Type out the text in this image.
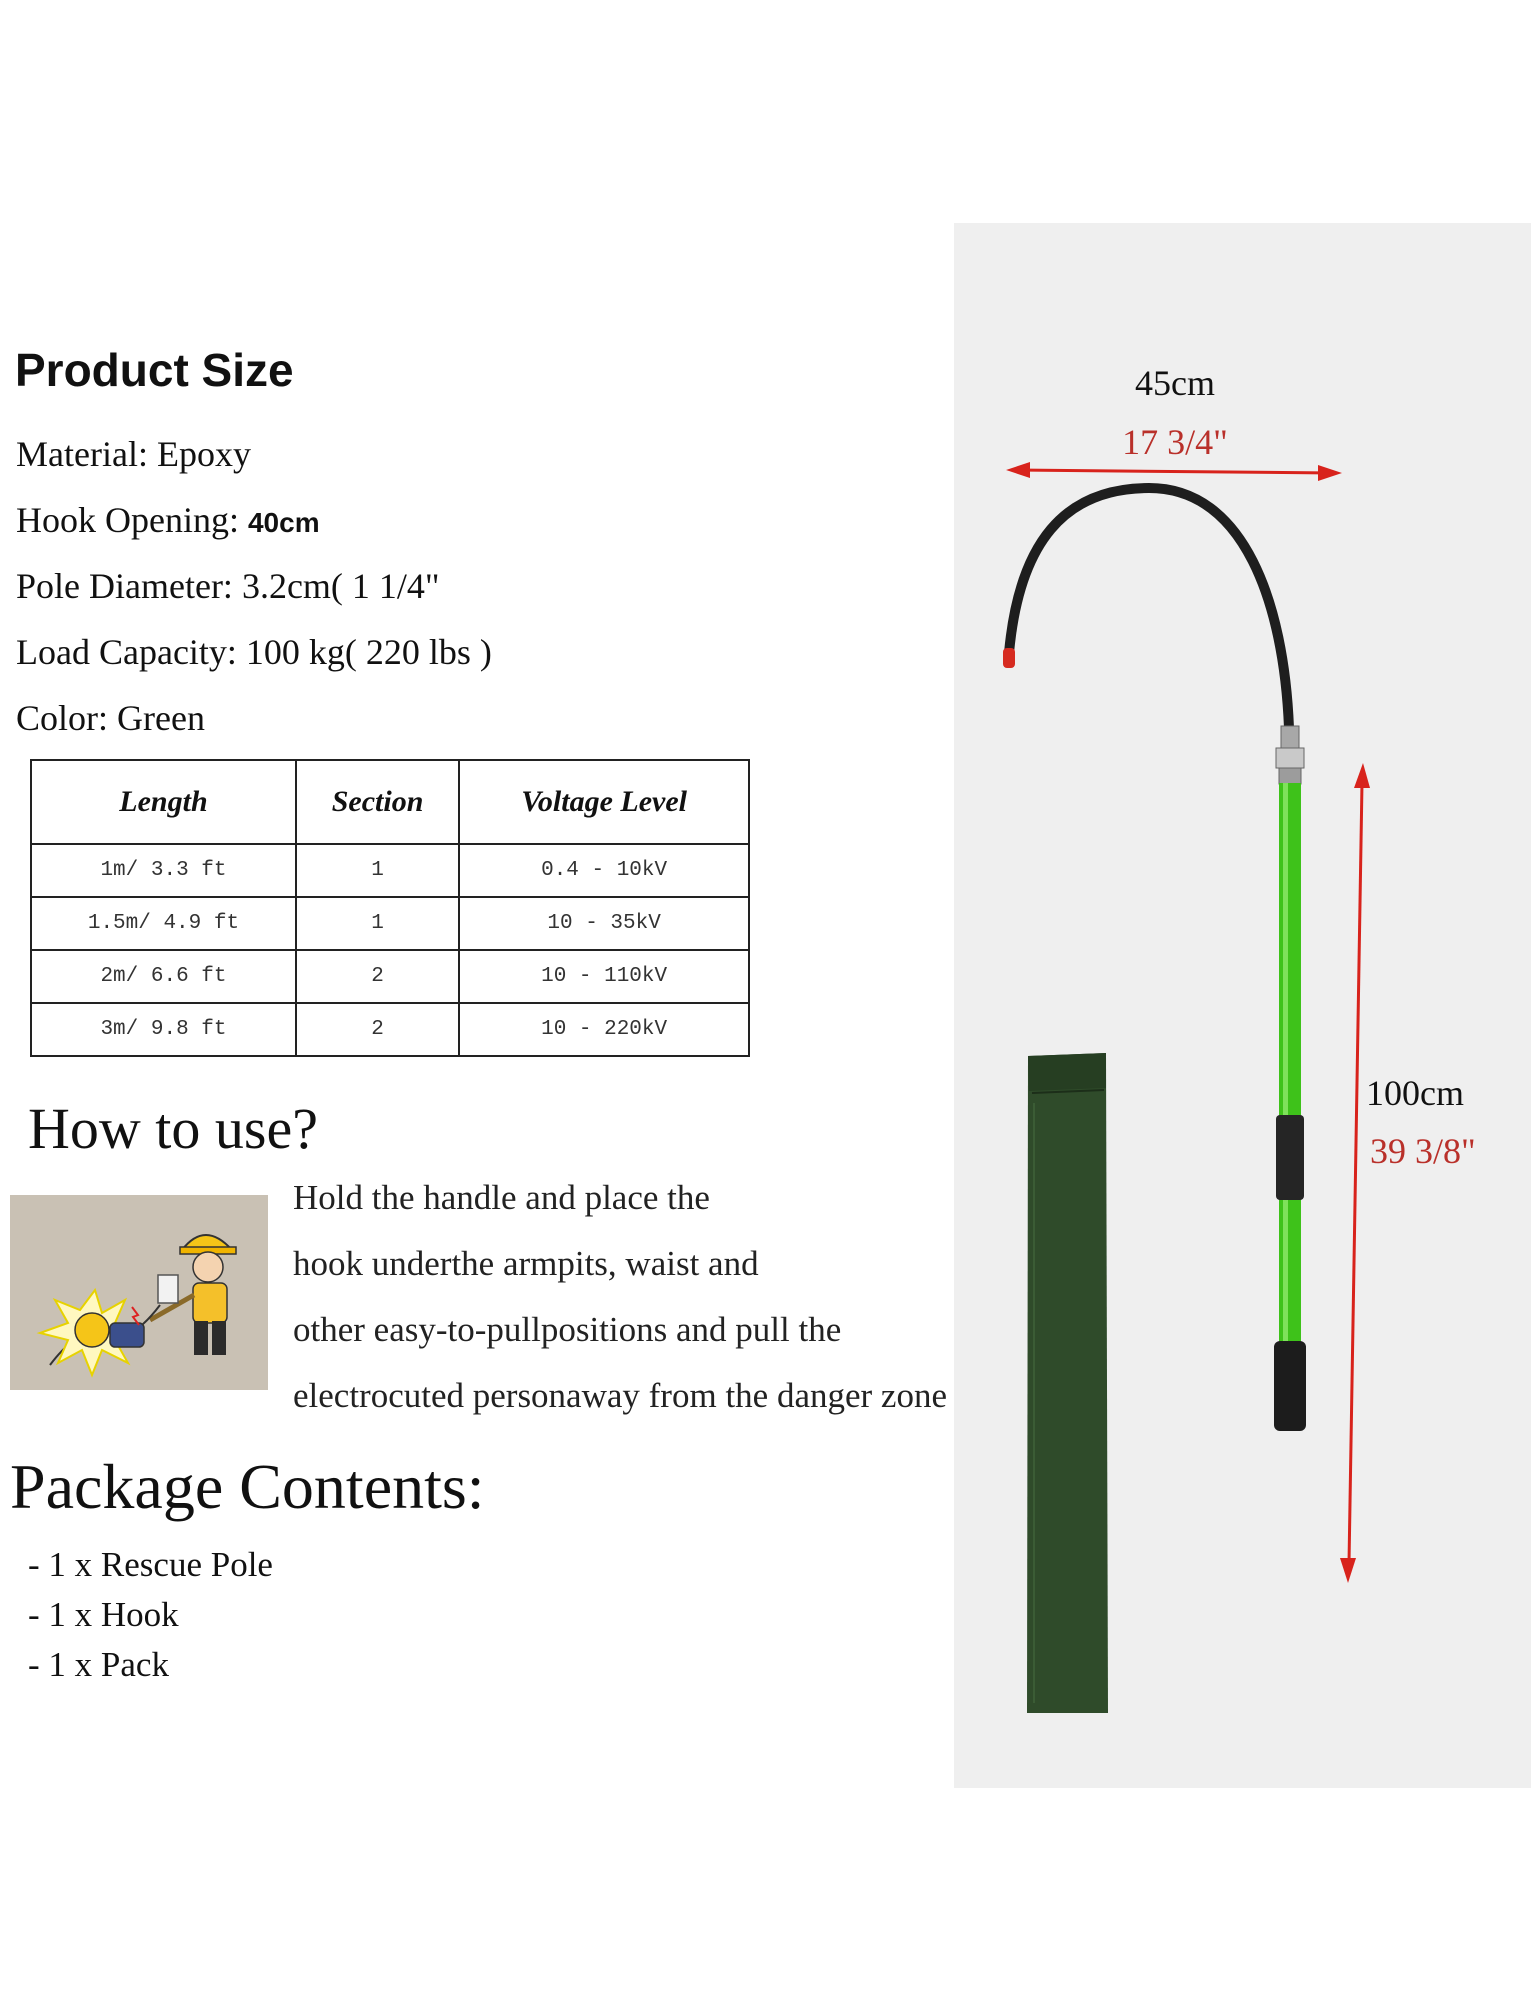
Product Size
Material: Epoxy
Hook Opening: 40cm
Pole Diameter: 3.2cm( 1 1/4"
Load Capacity: 100 kg( 220 lbs )
Color: Green
Length	Section	Voltage Level
1m/ 3.3 ft	1	0.4 - 10kV
1.5m/ 4.9 ft	1	10 - 35kV
2m/ 6.6 ft	2	10 - 110kV
3m/ 9.8 ft	2	10 - 220kV
How to use?
Hold the handle and place the
hook underthe armpits, waist and
other easy-to-pullpositions and pull the
electrocuted personaway from the danger zone
Package Contents:
- 1 x Rescue Pole
- 1 x Hook
- 1 x Pack
45cm
17 3/4"
100cm
39 3/8"
